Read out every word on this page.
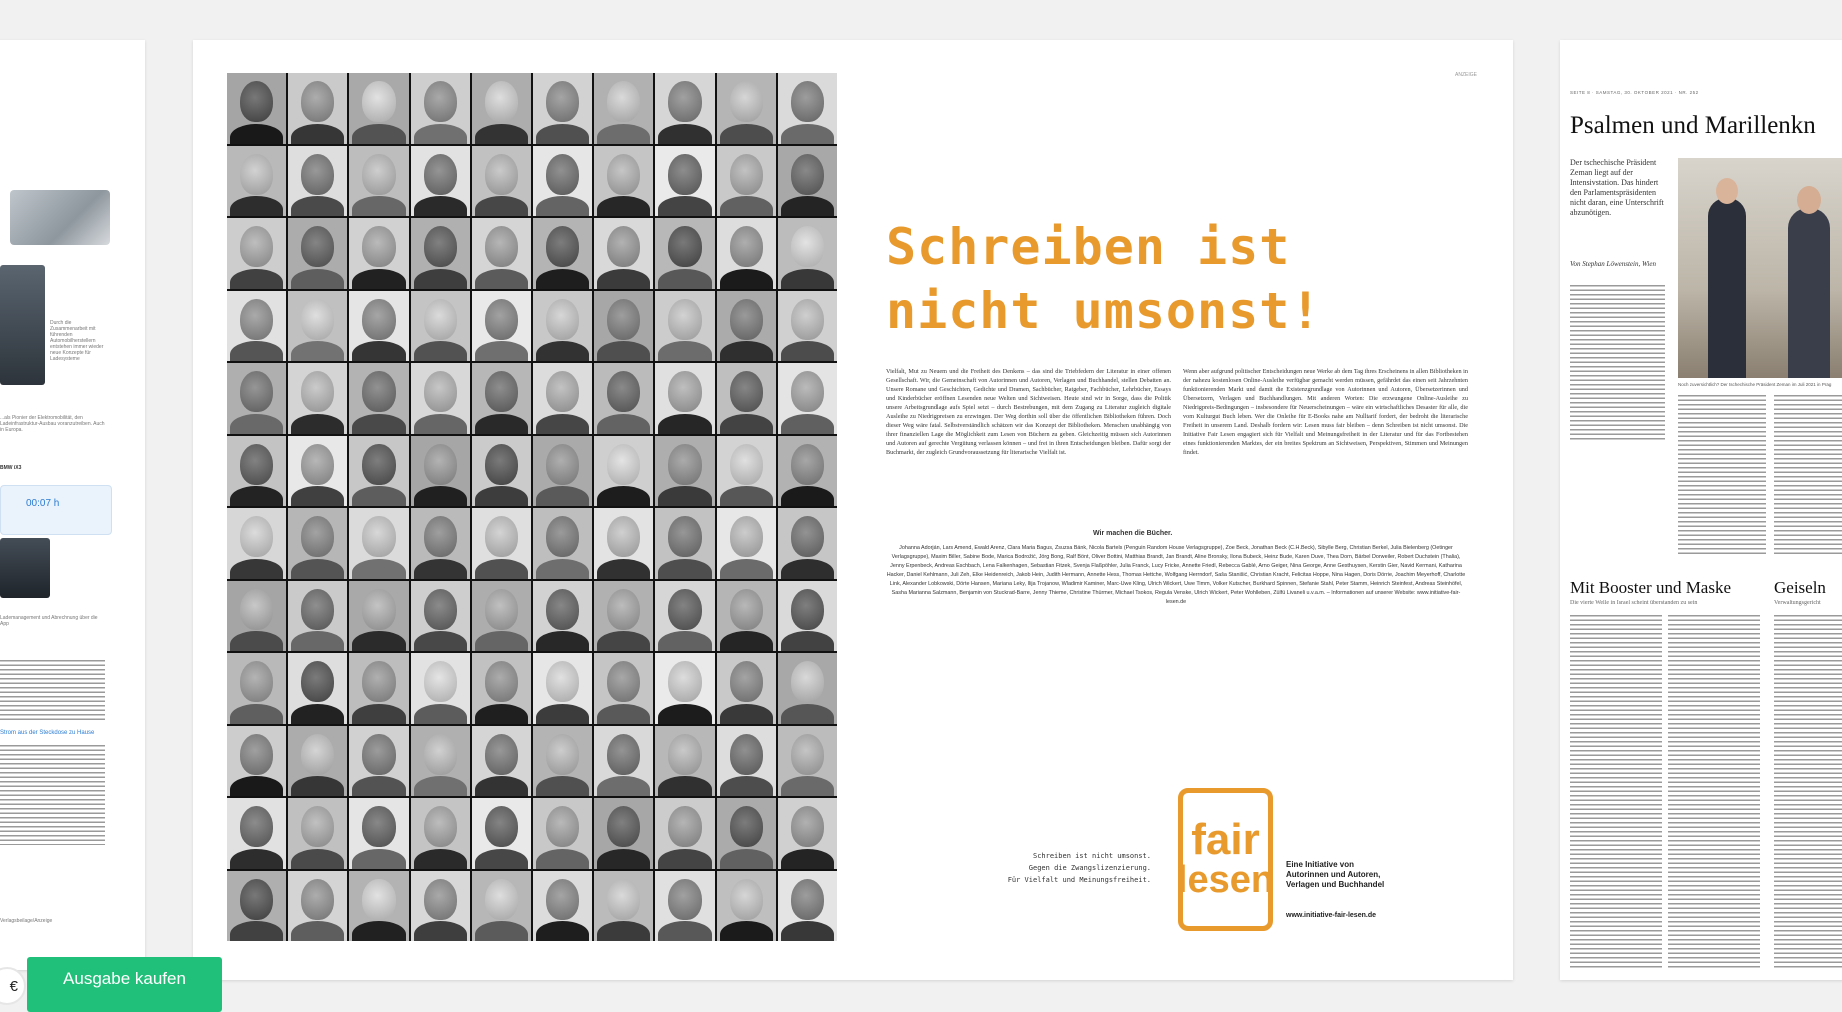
Durch die Zusammenarbeit mit führenden Automobilherstellern entstehen immer wieder neue Konzepte für Ladesysteme
...als Pionier der Elektromobilität, den Ladeinfrastruktur-Ausbau voranzutreiben. Auch in Europa.
BMW iX3
00:07 h
Lademanagement und Abrechnung über die App
Strom aus der Steckdose zu Hause
Verlagsbeilage/Anzeige
ANZEIGE
Schreiben ist
nicht umsonst!
Vielfalt, Mut zu Neuem und die Freiheit des Denkens – das sind die Triebfedern der Literatur in einer offenen Gesellschaft. Wir, die Gemeinschaft von Autorinnen und Autoren, Verlagen und Buchhandel, stellen Debatten an. Unsere Romane und Geschichten, Gedichte und Dramen, Sachbücher, Ratgeber, Fachbücher, Lehrbücher, Essays und Kinderbücher eröffnen Lesenden neue Welten und Sichtweisen. Heute sind wir in Sorge, dass die Politik unsere Arbeitsgrundlage aufs Spiel setzt – durch Bestrebungen, mit dem Zugang zu Literatur zugleich digitale Ausleihe zu Niedrigpreisen zu erzwingen. Der Weg dorthin soll über die öffentlichen Bibliotheken führen. Doch dieser Weg wäre fatal. Selbstverständlich schätzen wir das Konzept der Bibliotheken. Menschen unabhängig von ihrer finanziellen Lage die Möglichkeit zum Lesen von Büchern zu geben. Gleichzeitig müssen sich Autorinnen und Autoren auf gerechte Vergütung verlassen können – und frei in ihren Entscheidungen bleiben. Dafür sorgt der Buchmarkt, der zugleich Grundvoraussetzung für literarische Vielfalt ist.
Wenn aber aufgrund politischer Entscheidungen neue Werke ab dem Tag ihres Erscheinens in allen Bibliotheken in der nahezu kostenlosen Online-Ausleihe verfügbar gemacht werden müssen, gefährdet das einen seit Jahrzehnten funktionierenden Markt und damit die Existenzgrundlage von Autorinnen und Autoren, Übersetzerinnen und Übersetzern, Verlagen und Buchhandlungen. Mit anderen Worten: Die erzwungene Online-Ausleihe zu Niedrigpreis-Bedingungen – insbesondere für Neuerscheinungen – wäre ein wirtschaftliches Desaster für alle, die vom Kulturgut Buch leben. Wer die Onleihe für E-Books nahe am Nulltarif fordert, der bedroht die literarische Freiheit in unserem Land. Deshalb fordern wir: Lesen muss fair bleiben – denn Schreiben ist nicht umsonst. Die Initiative Fair Lesen engagiert sich für Vielfalt und Meinungsfreiheit in der Literatur und für das Fortbestehen eines funktionierenden Marktes, der ein breites Spektrum an Sichtweisen, Perspektiven, Stimmen und Meinungen findet.
Wir machen die Bücher.
Johanna Adorján, Lars Amend, Ewald Arenz, Clara Maria Bagus, Zsuzsa Bánk, Nicola Bartels (Penguin Random House Verlagsgruppe), Zoe Beck, Jonathan Beck (C.H.Beck), Sibylle Berg, Christian Berkel, Julia Bielenberg (Oetinger Verlagsgruppe), Maxim Biller, Sabine Bode, Marica Bodrožić, Jörg Bong, Ralf Bönt, Oliver Bottini, Matthias Brandt, Jan Brandt, Aline Bronsky, Ilona Bubeck, Heinz Bude, Karen Duve, Thea Dorn, Bärbel Dorweiler, Robert Duchstein (Thalia), Jenny Erpenbeck, Andreas Eschbach, Lena Falkenhagen, Sebastian Fitzek, Svenja Flaßpöhler, Julia Franck, Lucy Fricke, Annette Friedl, Rebecca Gablé, Arno Geiger, Nina George, Anne Gesthuysen, Kerstin Gier, Navid Kermani, Katharina Hacker, Daniel Kehlmann, Juli Zeh, Elke Heidenreich, Jakob Hein, Judith Hermann, Annette Hess, Thomas Hettche, Wolfgang Herrndorf, Saša Stanišić, Christian Kracht, Felicitas Hoppe, Nina Hagen, Doris Dörrie, Joachim Meyerhoff, Charlotte Link, Alexander Lobkowski, Dörte Hansen, Mariana Leky, Ilija Trojanow, Wladimir Kaminer, Marc-Uwe Kling, Ulrich Wickert, Uwe Timm, Volker Kutscher, Burkhard Spinnen, Stefanie Stahl, Peter Stamm, Heinrich Steinfest, Andreas Steinhöfel, Sasha Marianna Salzmann, Benjamin von Stuckrad-Barre, Jenny Thieme, Christine Thürmer, Michael Tsokos, Regula Venske, Ulrich Wickert, Peter Wohlleben, Zülfü Livaneli u.v.a.m. – Informationen auf unserer Website: www.initiative-fair-lesen.de
Schreiben ist nicht umsonst.
Gegen die Zwangslizenzierung.
Für Vielfalt und Meinungsfreiheit.
fair
lesen Eine Initiative von
Autorinnen und Autoren,
Verlagen und Buchhandel
www.initiative-fair-lesen.de
SEITE 8 · SAMSTAG, 30. OKTOBER 2021 · NR. 252
Psalmen und Marillenkn
Der tschechische Präsident Zeman liegt auf der Intensivstation. Das hindert den Parlamentspräsidenten nicht daran, eine Unterschrift abzunötigen.
Von Stephan Löwenstein, Wien
Noch zuversichtlich? Der tschechische Präsident Zeman im Juli 2021 in Prag
Mit Booster und Maske
Die vierte Welle in Israel scheint überstanden zu sein
Geiseln
Verwaltungsgericht
Ausgabe kaufen
€
